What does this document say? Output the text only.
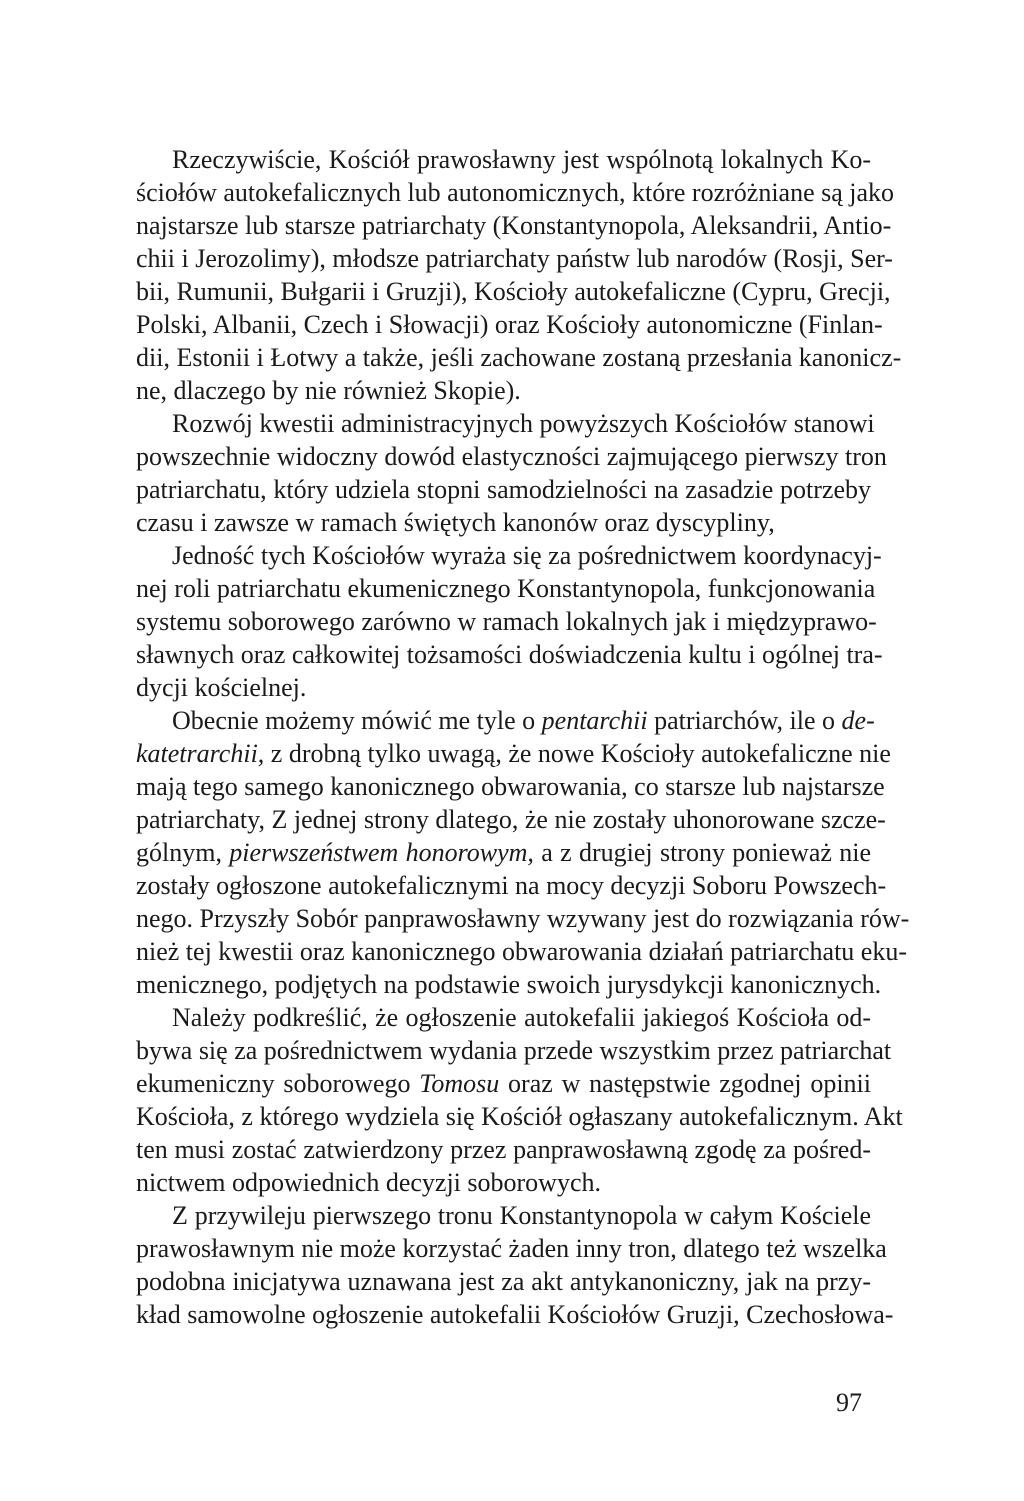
Rzeczywiście, Kościół prawosławny jest wspólnotą lokalnych Ko-
ściołów autokefalicznych lub autonomicznych, które rozróżniane są jako
najstarsze lub starsze patriarchaty (Konstantynopola, Aleksandrii, Antio-
chii i Jerozolimy), młodsze patriarchaty państw lub narodów (Rosji, Ser-
bii, Rumunii, Bułgarii i Gruzji), Kościoły autokefaliczne (Cypru, Grecji,
Polski, Albanii, Czech i Słowacji) oraz Kościoły autonomiczne (Finlan-
dii, Estonii i Łotwy a także, jeśli zachowane zostaną przesłania kanonicz-
ne, dlaczego by nie również Skopie).
Rozwój kwestii administracyjnych powyższych Kościołów stanowi
powszechnie widoczny dowód elastyczności zajmującego pierwszy tron
patriarchatu, który udziela stopni samodzielności na zasadzie potrzeby
czasu i zawsze w ramach świętych kanonów oraz dyscypliny,
Jedność tych Kościołów wyraża się za pośrednictwem koordynacyj-
nej roli patriarchatu ekumenicznego Konstantynopola, funkcjonowania
systemu soborowego zarówno w ramach lokalnych jak i międzyprawo-
sławnych oraz całkowitej tożsamości doświadczenia kultu i ogólnej tra-
dycji kościelnej.
Obecnie możemy mówić me tyle o pentarchii patriarchów, ile o de-
katetrarchii, z drobną tylko uwagą, że nowe Kościoły autokefaliczne nie
mają tego samego kanonicznego obwarowania, co starsze lub najstarsze
patriarchaty, Z jednej strony dlatego, że nie zostały uhonorowane szcze-
gólnym, pierwszeństwem honorowym, a z drugiej strony ponieważ nie
zostały ogłoszone autokefalicznymi na mocy decyzji Soboru Powszech-
nego. Przyszły Sobór panprawosławny wzywany jest do rozwiązania rów-
nież tej kwestii oraz kanonicznego obwarowania działań patriarchatu eku-
menicznego, podjętych na podstawie swoich jurysdykcji kanonicznych.
Należy podkreślić, że ogłoszenie autokefalii jakiegoś Kościoła od-
bywa się za pośrednictwem wydania przede wszystkim przez patriarchat
ekumeniczny soborowego Tomosu oraz w następstwie zgodnej opinii
Kościoła, z którego wydziela się Kościół ogłaszany autokefalicznym. Akt
ten musi zostać zatwierdzony przez panprawosławną zgodę za pośred-
nictwem odpowiednich decyzji soborowych.
Z przywileju pierwszego tronu Konstantynopola w całym Kościele
prawosławnym nie może korzystać żaden inny tron, dlatego też wszelka
podobna inicjatywa uznawana jest za akt antykanoniczny, jak na przy-
kład samowolne ogłoszenie autokefalii Kościołów Gruzji, Czechosłowa-
97
